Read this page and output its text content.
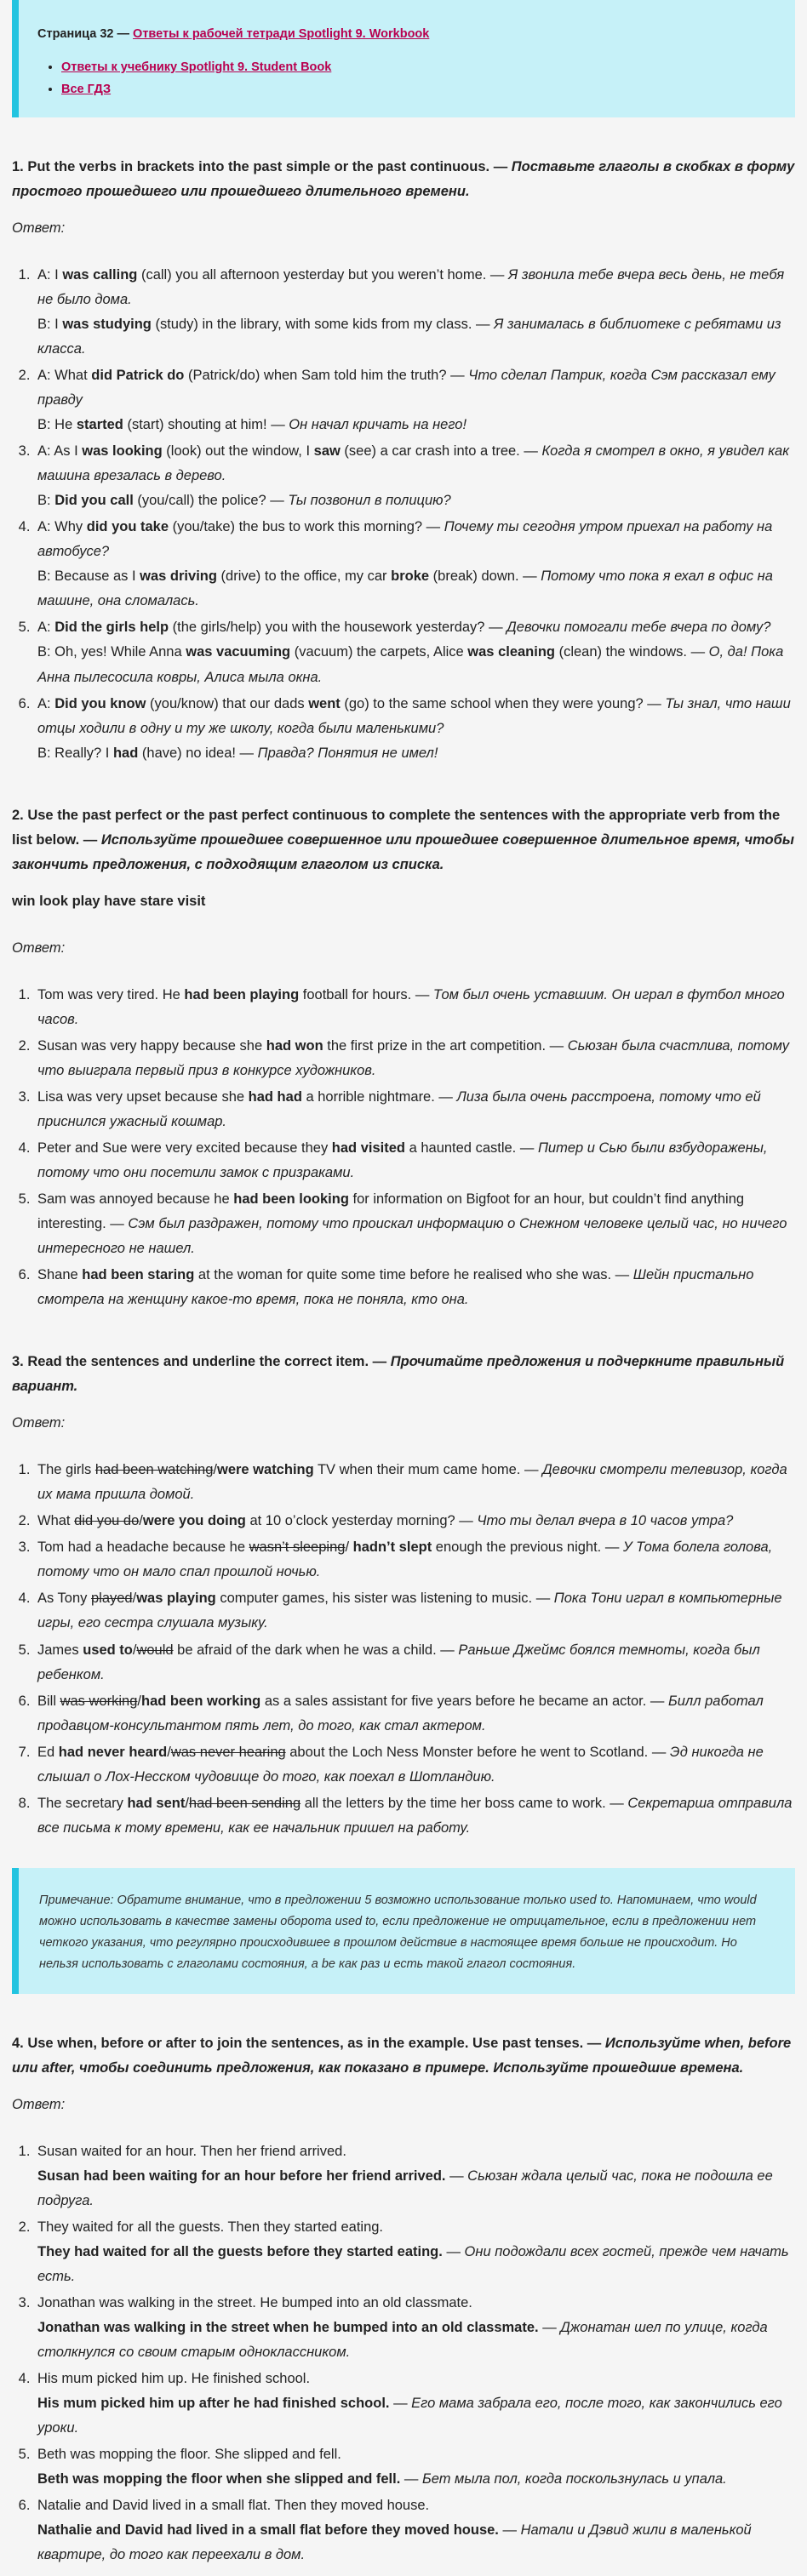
Страница 32 — Ответы к рабочей тетради Spotlight 9. Workbook
• Ответы к учебнику Spotlight 9. Student Book
• Все ГДЗ
1. Put the verbs in brackets into the past simple or the past continuous. — Поставьте глаголы в скобках в форму простого прошедшего или прошедшего длительного времени.
Ответ:
1. A: I was calling (call) you all afternoon yesterday but you weren’t home. — Я звонила тебе вчера весь день, не тебя не было дома.
B: I was studying (study) in the library, with some kids from my class. — Я занималась в библиотеке с ребятами из класса.
2. A: What did Patrick do (Patrick/do) when Sam told him the truth? — Что сделал Патрик, когда Сэм рассказал ему правду
B: He started (start) shouting at him! — Он начал кричать на него!
3. A: As I was looking (look) out the window, I saw (see) a car crash into a tree. — Когда я смотрел в окно, я увидел как машина врезалась в дерево.
B: Did you call (you/call) the police? — Ты позвонил в полицию?
4. A: Why did you take (you/take) the bus to work this morning? — Почему ты сегодня утром приехал на работу на автобусе?
B: Because as I was driving (drive) to the office, my car broke (break) down. — Потому что пока я ехал в офис на машине, она сломалась.
5. A: Did the girls help (the girls/help) you with the housework yesterday? — Девочки помогали тебе вчера по дому?
B: Oh, yes! While Anna was vacuuming (vacuum) the carpets, Alice was cleaning (clean) the windows. — О, да! Пока Анна пылесосила ковры, Алиса мыла окна.
6. A: Did you know (you/know) that our dads went (go) to the same school when they were young? — Ты знал, что наши отцы ходили в одну и ту же школу, когда были маленькими?
B: Really? I had (have) no idea! — Правда? Понятия не имел!
2. Use the past perfect or the past perfect continuous to complete the sentences with the appropriate verb from the list below. — Используйте прошедшее совершенное или прошедшее совершенное длительное время, чтобы закончить предложения, с подходящим глаголом из списка.
win look play have stare visit
Ответ:
1. Tom was very tired. He had been playing football for hours. — Том был очень уставшим. Он играл в футбол много часов.
2. Susan was very happy because she had won the first prize in the art competition. — Сьюзан была счастлива, потому что выиграла первый приз в конкурсе художников.
3. Lisa was very upset because she had had a horrible nightmare. — Лиза была очень расстроена, потому что ей приснился ужасный кошмар.
4. Peter and Sue were very excited because they had visited a haunted castle. — Питер и Сью были взбудоражены, потому что они посетили замок с призраками.
5. Sam was annoyed because he had been looking for information on Bigfoot for an hour, but couldn’t find anything interesting. — Сэм был раздражен, потому что проискал информацию о Снежном человеке целый час, но ничего интересного не нашел.
6. Shane had been staring at the woman for quite some time before he realised who she was. — Шейн пристально смотрела на женщину какое-то время, пока не поняла, кто она.
3. Read the sentences and underline the correct item. — Прочитайте предложения и подчеркните правильный вариант.
Ответ:
1. The girls had been watching/were watching TV when their mum came home. — Девочки смотрели телевизор, когда их мама пришла домой.
2. What did you do/were you doing at 10 o’clock yesterday morning? — Что ты делал вчера в 10 часов утра?
3. Tom had a headache because he wasn’t sleeping/ hadn’t slept enough the previous night. — У Тома болела голова, потому что он мало спал прошлой ночью.
4. As Tony played/was playing computer games, his sister was listening to music. — Пока Тони играл в компьютерные игры, его сестра слушала музыку.
5. James used to/would be afraid of the dark when he was a child. — Раньше Джеймс боялся темноты, когда был ребенком.
6. Bill was working/had been working as a sales assistant for five years before he became an actor. — Билл работал продавцом-консультантом пять лет, до того, как стал актером.
7. Ed had never heard/was never hearing about the Loch Ness Monster before he went to Scotland. — Эд никогда не слышал о Лох-Несском чудовище до того, как поехал в Шотландию.
8. The secretary had sent/had been sending all the letters by the time her boss came to work. — Секретарша отправила все письма к тому времени, как ее начальник пришел на работу.
Примечание: Обратите внимание, что в предложении 5 возможно использование только used to. Напоминаем, что would можно использовать в качестве замены оборота used to, если предложение не отрицательное, если в предложении нет четкого указания, что регулярно происходившее в прошлом действие в настоящее время больше не происходит. Но нельзя использовать с глаголами состояния, а be как раз и есть такой глагол состояния.
4. Use when, before or after to join the sentences, as in the example. Use past tenses. — Используйте when, before или after, чтобы соединить предложения, как показано в примере. Используйте прошедшие времена.
Ответ:
1. Susan waited for an hour. Then her friend arrived.
Susan had been waiting for an hour before her friend arrived. — Сьюзан ждала целый час, пока не подошла ее подруга.
2. They waited for all the guests. Then they started eating.
They had waited for all the guests before they started eating. — Они подождали всех гостей, прежде чем начать есть.
3. Jonathan was walking in the street. He bumped into an old classmate.
Jonathan was walking in the street when he bumped into an old classmate. — Джонатан шел по улице, когда столкнулся со своим старым одноклассником.
4. His mum picked him up. He finished school.
His mum picked him up after he had finished school. — Его мама забрала его, после того, как закончились его уроки.
5. Beth was mopping the floor. She slipped and fell.
Beth was mopping the floor when she slipped and fell. — Бет мыла пол, когда поскользнулась и упала.
6. Natalie and David lived in a small flat. Then they moved house.
Nathalie and David had lived in a small flat before they moved house. — Натали и Дэвид жили в маленькой квартире, до того как переехали в дом.
